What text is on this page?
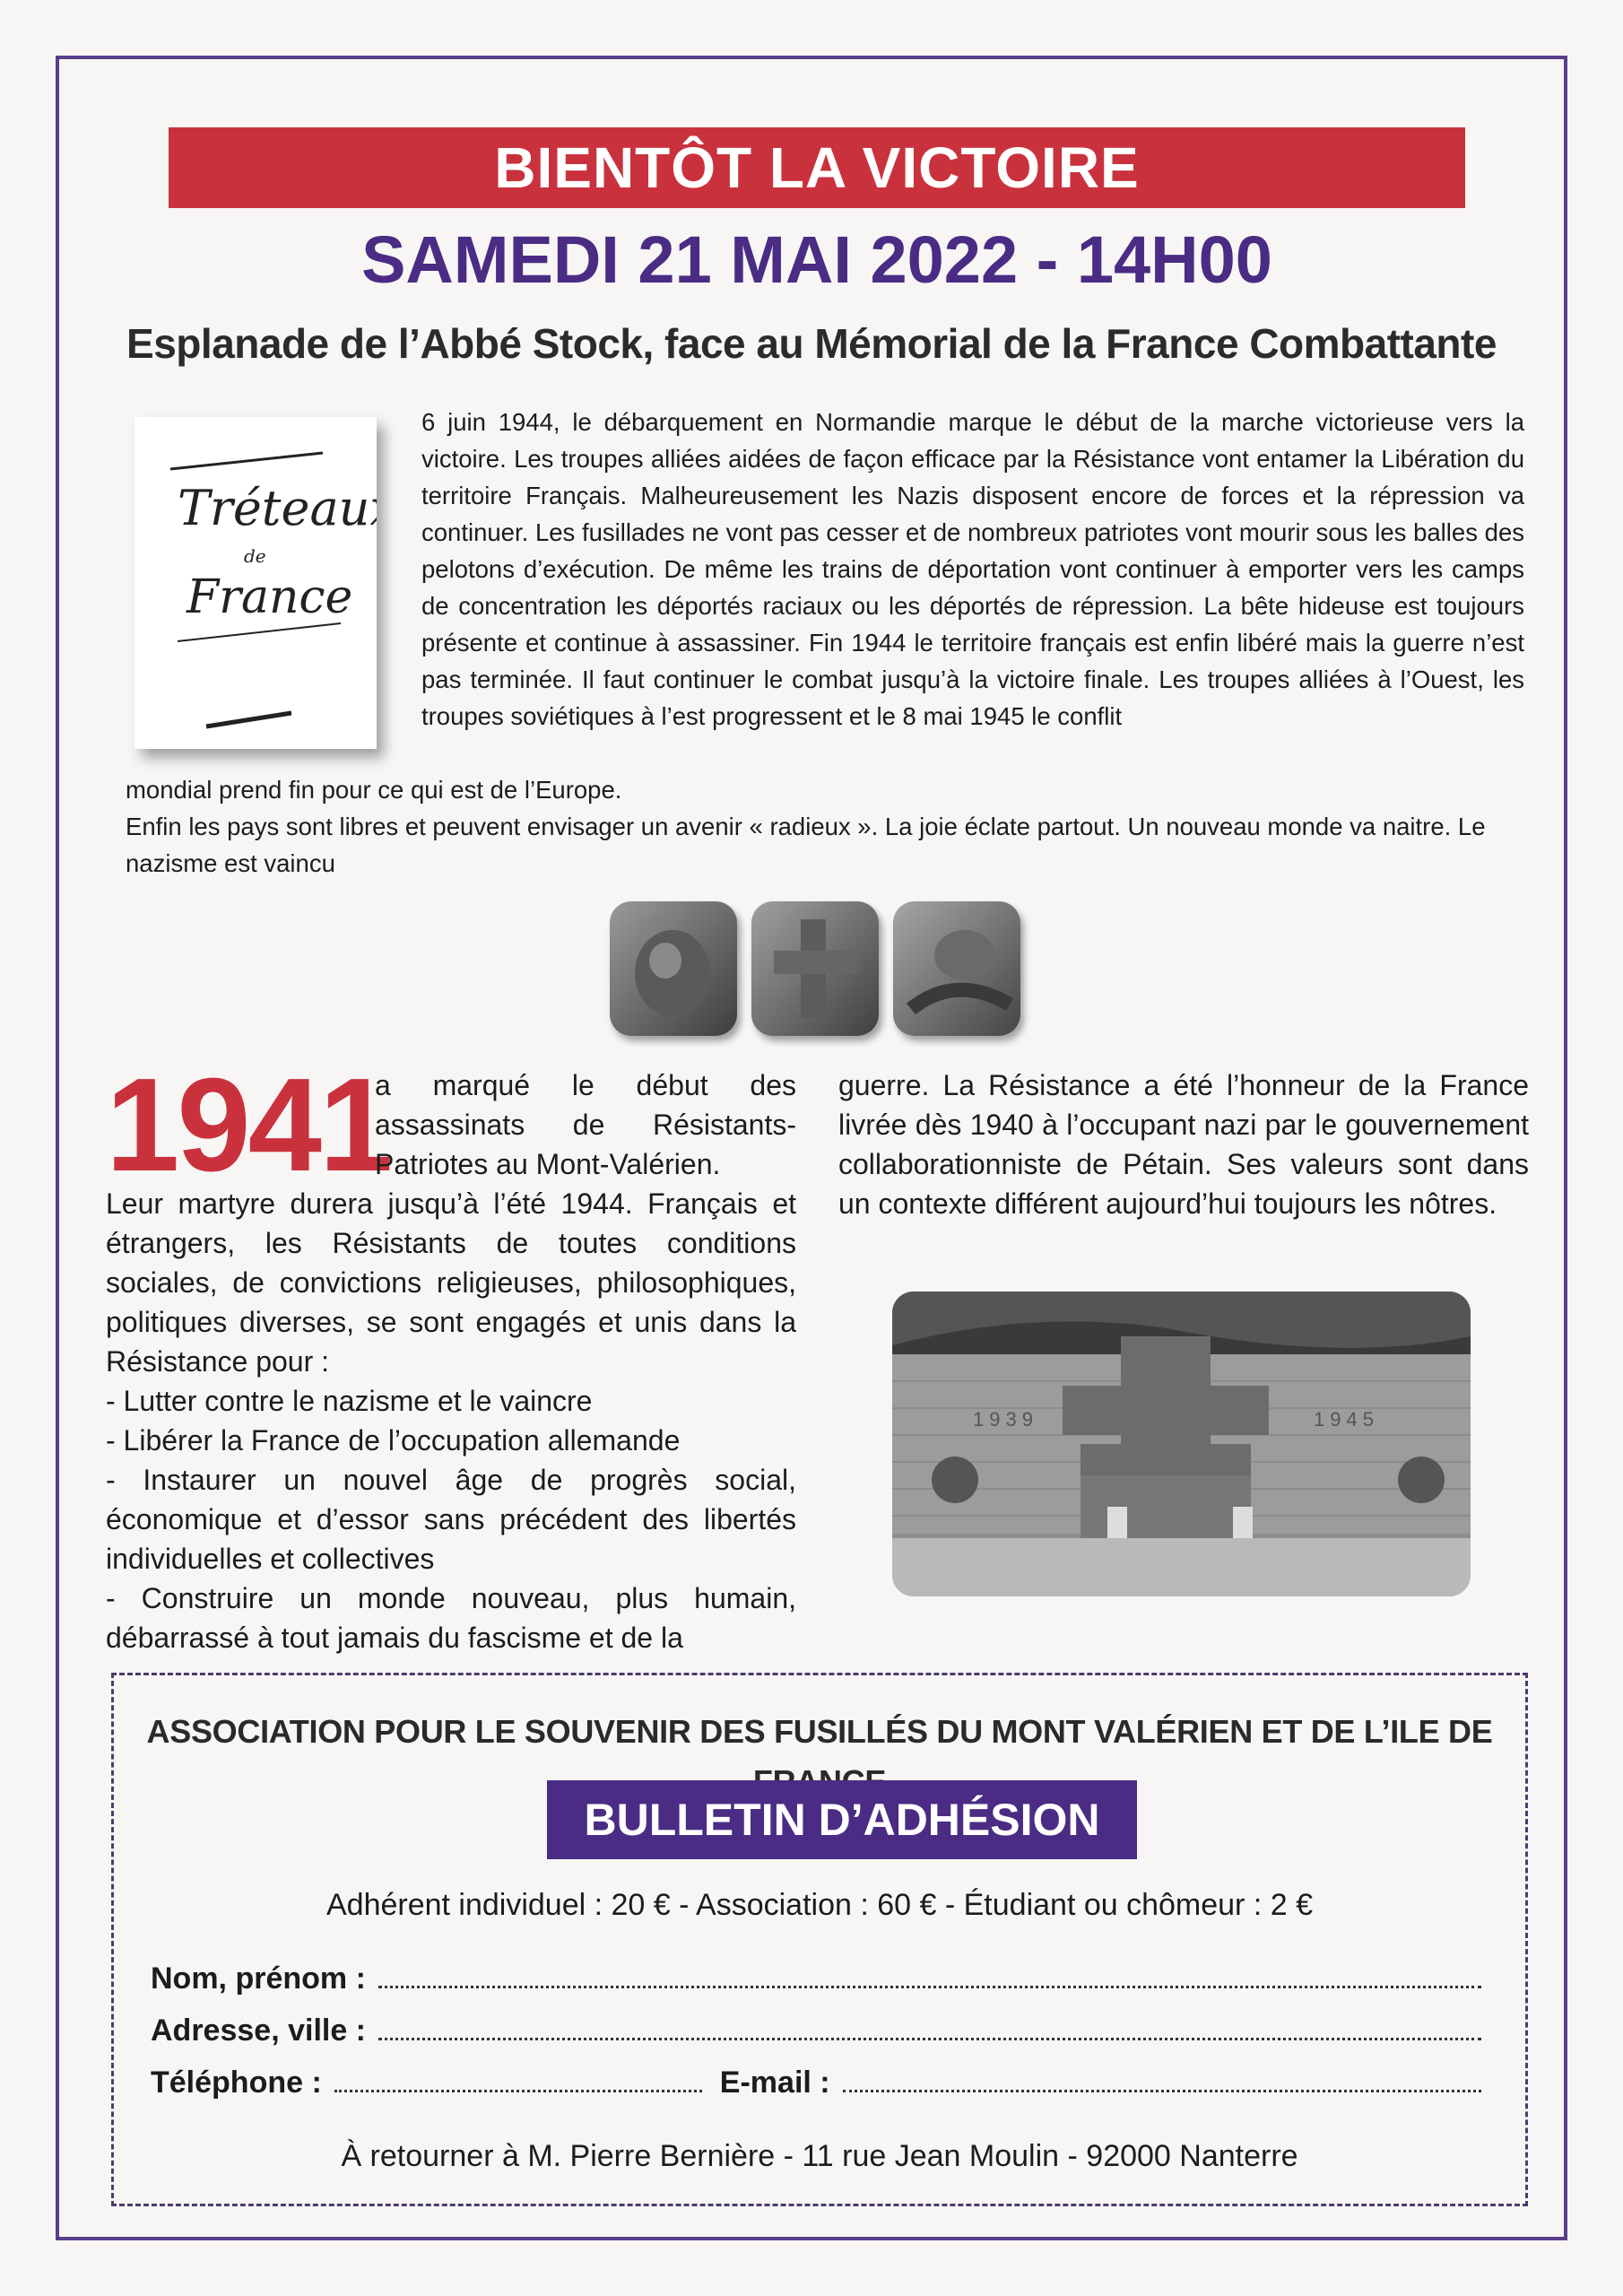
BIENTÔT LA VICTOIRE
SAMEDI 21 MAI 2022 - 14H00
Esplanade de l’Abbé Stock, face au Mémorial de la France Combattante
Tréteaux
de
France
6 juin 1944, le débarquement en Normandie marque le début de la marche victorieuse vers la victoire. Les troupes alliées aidées de façon efficace par la Résistance vont entamer la Libération du territoire Français. Malheureusement les Nazis disposent encore de forces et la répression va continuer. Les fusillades ne vont pas cesser et de nombreux patriotes vont mourir sous les balles des pelotons d’exécution. De même les trains de déportation vont continuer à emporter vers les camps de concentration les déportés raciaux ou les déportés de répression. La bête hideuse est toujours présente et continue à assassiner. Fin 1944 le territoire français est enfin libéré mais la guerre n’est pas terminée. Il faut continuer le combat jusqu’à la victoire finale. Les troupes alliées à l’Ouest, les troupes soviétiques à l’est progressent et le 8 mai 1945 le conflit
mondial prend fin pour ce qui est de l’Europe.
Enfin les pays sont libres et peuvent envisager un avenir « radieux ». La joie éclate partout. Un nouveau monde va naitre. Le nazisme est vaincu
1941
a marqué le début des assassinats de Résistants-Patriotes au Mont-Valérien.
Leur martyre durera jusqu’à l’été 1944. Français et étrangers, les Résistants de toutes conditions sociales, de convictions religieuses, philosophiques, politiques diverses, se sont engagés et unis dans la Résistance pour :
- Lutter contre le nazisme et le vaincre
- Libérer la France de l’occupation allemande
- Instaurer un nouvel âge de progrès social, économique et d’essor sans précédent des libertés individuelles et collectives
- Construire un monde nouveau, plus humain, débarrassé à tout jamais du fascisme et de la
guerre. La Résistance a été l’honneur de la France livrée dès 1940 à l’occupant nazi par le gouvernement collaborationniste de Pétain. Ses valeurs sont dans un contexte différent aujourd’hui toujours les nôtres.
1939	1945
ASSOCIATION POUR LE SOUVENIR DES FUSILLÉS DU MONT VALÉRIEN ET DE L’ILE DE
BULLETIN D’ADHÉSION
Adhérent individuel : 20 € - Association : 60 € - Étudiant ou chômeur : 2 €
Nom, prénom :
Adresse, ville :
Téléphone :	E-mail :
À retourner à M. Pierre Bernière - 11 rue Jean Moulin - 92000 Nanterre
